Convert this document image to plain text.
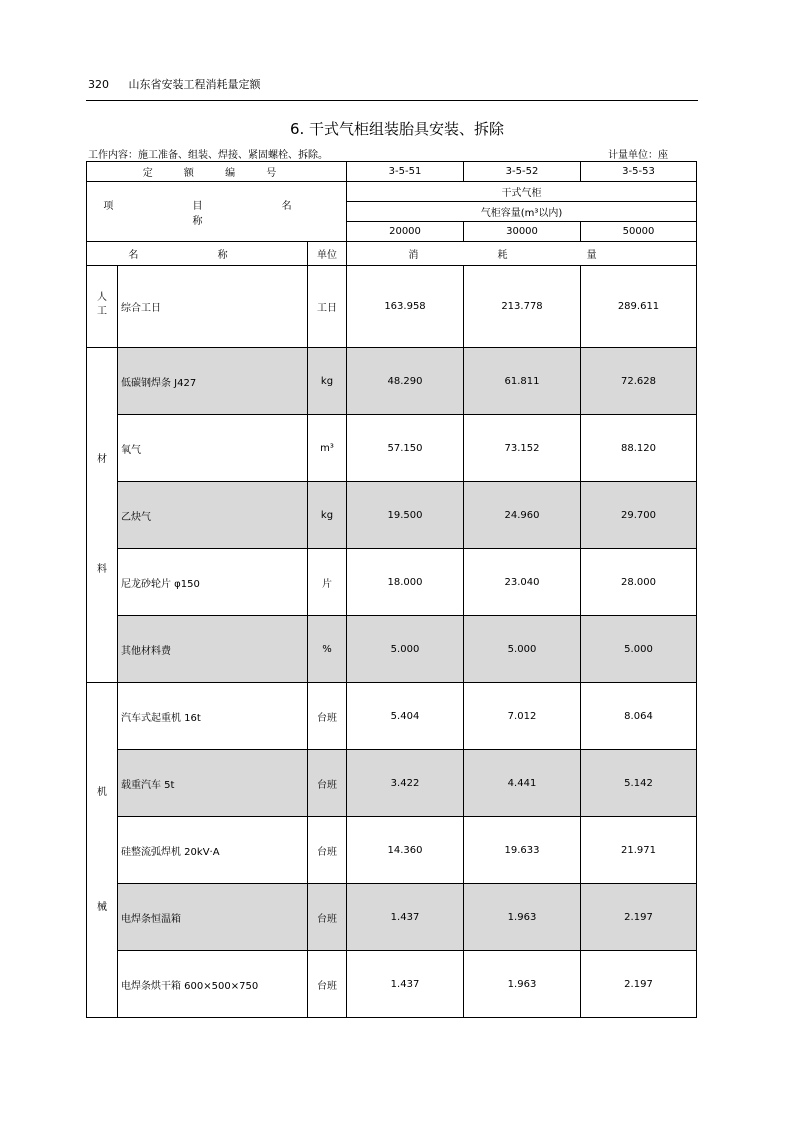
320 山东省安装工程消耗量定额
6. 干式气柜组装胎具安装、拆除
工作内容：施工准备、组装、焊接、紧固螺栓、拆除。	计量单位：座
定 额 编 号			3-5-51	3-5-52	3-5-53
项 目 名 称			干式气柜		
			气柜容量(m³以内)		
			20000	30000	50000
名 称		单位	消 耗 量		
人工	综合工日	工日	163.958	213.778	289.611

材
料	低碳钢焊条 J427	kg	48.290	61.811	72.628
	氧气	m³	57.150	73.152	88.120
	乙炔气	kg	19.500	24.960	29.700
	尼龙砂轮片 φ150	片	18.000	23.040	28.000
	其他材料费	%	5.000	5.000	5.000

机
械	汽车式起重机 16t	台班	5.404	7.012	8.064
	载重汽车 5t	台班	3.422	4.441	5.142
	硅整流弧焊机 20kV·A	台班	14.360	19.633	21.971
	电焊条恒温箱	台班	1.437	1.963	2.197
	电焊条烘干箱 600×500×750	台班	1.437	1.963	2.197
